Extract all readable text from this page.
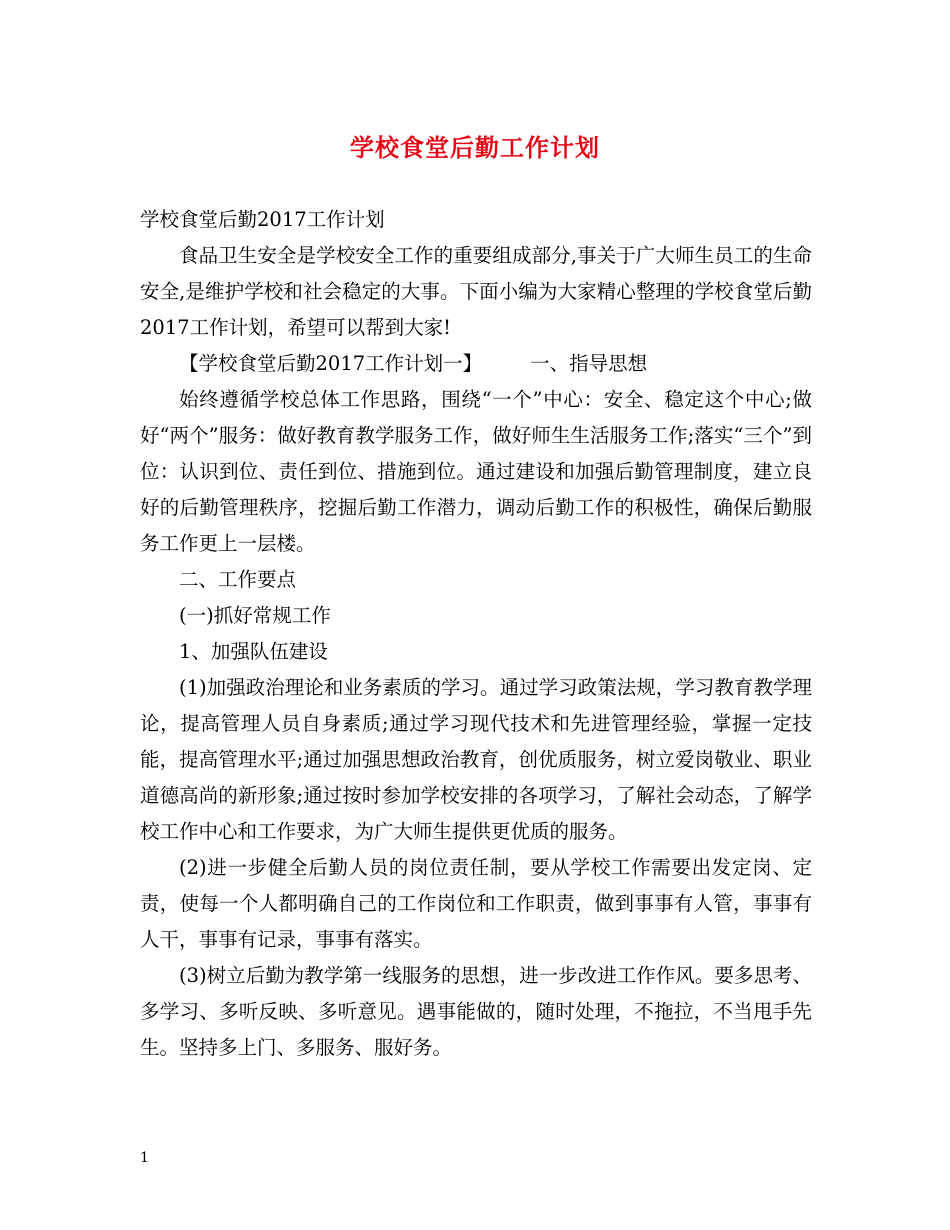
学校食堂后勤工作计划

学校食堂后勤2017工作计划

食品卫生安全是学校安全工作的重要组成部分,事关于广大师生员工的生命安全,是维护学校和社会稳定的大事。下面小编为大家精心整理的学校食堂后勤2017工作计划，希望可以帮到大家!

【学校食堂后勤2017工作计划一】 一、指导思想

始终遵循学校总体工作思路，围绕“一个”中心：安全、稳定这个中心;做好“两个”服务：做好教育教学服务工作，做好师生生活服务工作;落实“三个”到位：认识到位、责任到位、措施到位。通过建设和加强后勤管理制度，建立良好的后勤管理秩序，挖掘后勤工作潜力，调动后勤工作的积极性，确保后勤服务工作更上一层楼。

二、工作要点

(一)抓好常规工作

1、加强队伍建设

(1)加强政治理论和业务素质的学习。通过学习政策法规，学习教育教学理论，提高管理人员自身素质;通过学习现代技术和先进管理经验，掌握一定技能，提高管理水平;通过加强思想政治教育，创优质服务，树立爱岗敬业、职业道德高尚的新形象;通过按时参加学校安排的各项学习，了解社会动态，了解学校工作中心和工作要求，为广大师生提供更优质的服务。

(2)进一步健全后勤人员的岗位责任制，要从学校工作需要出发定岗、定责，使每一个人都明确自己的工作岗位和工作职责，做到事事有人管，事事有人干，事事有记录，事事有落实。

(3)树立后勤为教学第一线服务的思想，进一步改进工作作风。要多思考、多学习、多听反映、多听意见。遇事能做的，随时处理，不拖拉，不当甩手先生。坚持多上门、多服务、服好务。

1
